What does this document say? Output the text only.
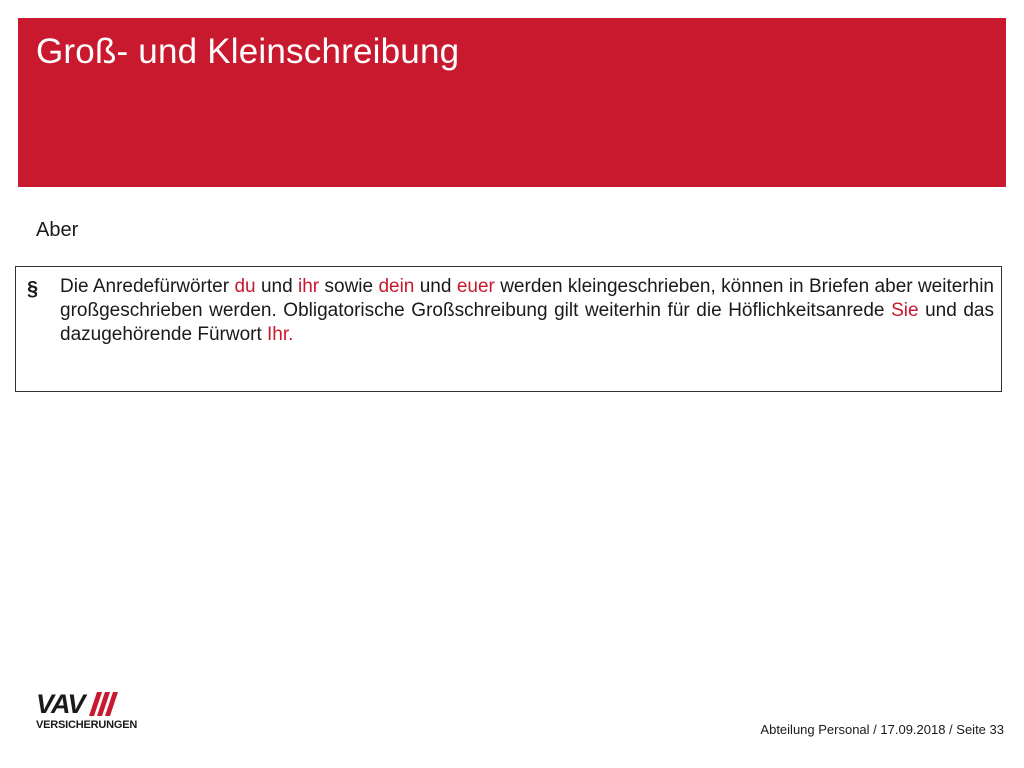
Groß- und Kleinschreibung
Aber
§ Die Anredefürwörter du und ihr sowie dein und euer werden kleingeschrieben, können in Briefen aber weiterhin großgeschrieben werden. Obligatorische Großschreibung gilt weiterhin für die Höflichkeitsanrede Sie und das dazugehörende Fürwort Ihr.
VAV
VERSICHERUNGEN	Abteilung Personal / 17.09.2018 / Seite 33
